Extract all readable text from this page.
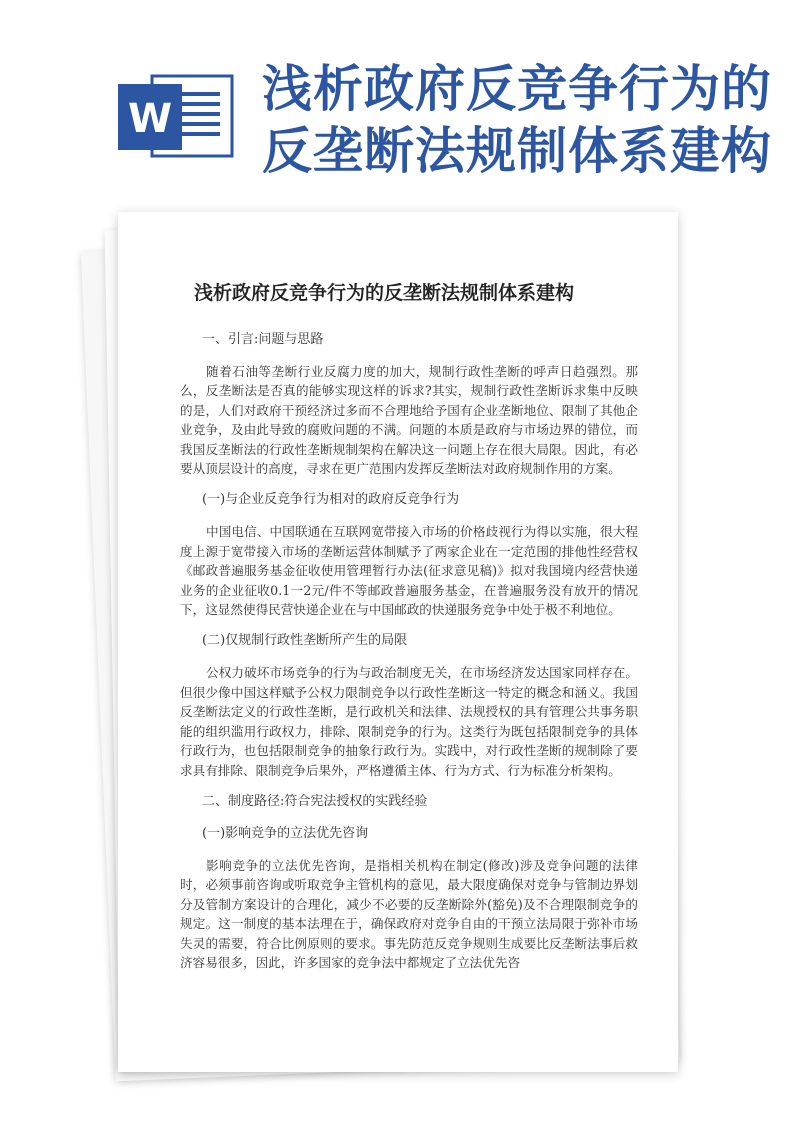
W
浅析政府反竞争行为的反垄断法规制体系建构
浅析政府反竞争行为的反垄断法规制体系建构
一、引言:问题与思路

随着石油等垄断行业反腐力度的加大，规制行政性垄断的呼声日趋强烈。那么，反垄断法是否真的能够实现这样的诉求?其实，规制行政性垄断诉求集中反映的是，人们对政府干预经济过多而不合理地给予国有企业垄断地位、限制了其他企业竞争，及由此导致的腐败问题的不满。问题的本质是政府与市场边界的错位，而我国反垄断法的行政性垄断规制架构在解决这一问题上存在很大局限。因此，有必要从顶层设计的高度，寻求在更广范围内发挥反垄断法对政府规制作用的方案。

(一)与企业反竞争行为相对的政府反竞争行为

中国电信、中国联通在互联网宽带接入市场的价格歧视行为得以实施，很大程度上源于宽带接入市场的垄断运营体制赋予了两家企业在一定范围的排他性经营权《邮政普遍服务基金征收使用管理暂行办法(征求意见稿)》拟对我国境内经营快递业务的企业征收0.1一2元/件不等邮政普遍服务基金，在普遍服务没有放开的情况下，这显然使得民营快递企业在与中国邮政的快递服务竞争中处于极不利地位。

(二)仅规制行政性垄断所产生的局限

公权力破坏市场竞争的行为与政治制度无关，在市场经济发达国家同样存在。但很少像中国这样赋予公权力限制竞争以行政性垄断这一特定的概念和涵义。我国反垄断法定义的行政性垄断，是行政机关和法律、法规授权的具有管理公共事务职能的组织滥用行政权力，排除、限制竞争的行为。这类行为既包括限制竞争的具体行政行为，也包括限制竞争的抽象行政行为。实践中，对行政性垄断的规制除了要求具有排除、限制竞争后果外，严格遵循主体、行为方式、行为标准分析架构。

二、制度路径:符合宪法授权的实践经验
(一)影响竞争的立法优先咨询

影响竞争的立法优先咨询，是指相关机构在制定(修改)涉及竞争问题的法律时，必须事前咨询或听取竞争主管机构的意见，最大限度确保对竞争与管制边界划分及管制方案设计的合理化，减少不必要的反垄断除外(豁免)及不合理限制竞争的规定。这一制度的基本法理在于，确保政府对竞争自由的干预立法局限于弥补市场失灵的需要，符合比例原则的要求。事先防范反竞争规则生成要比反垄断法事后救济容易很多，因此，许多国家的竞争法中都规定了立法优先咨
